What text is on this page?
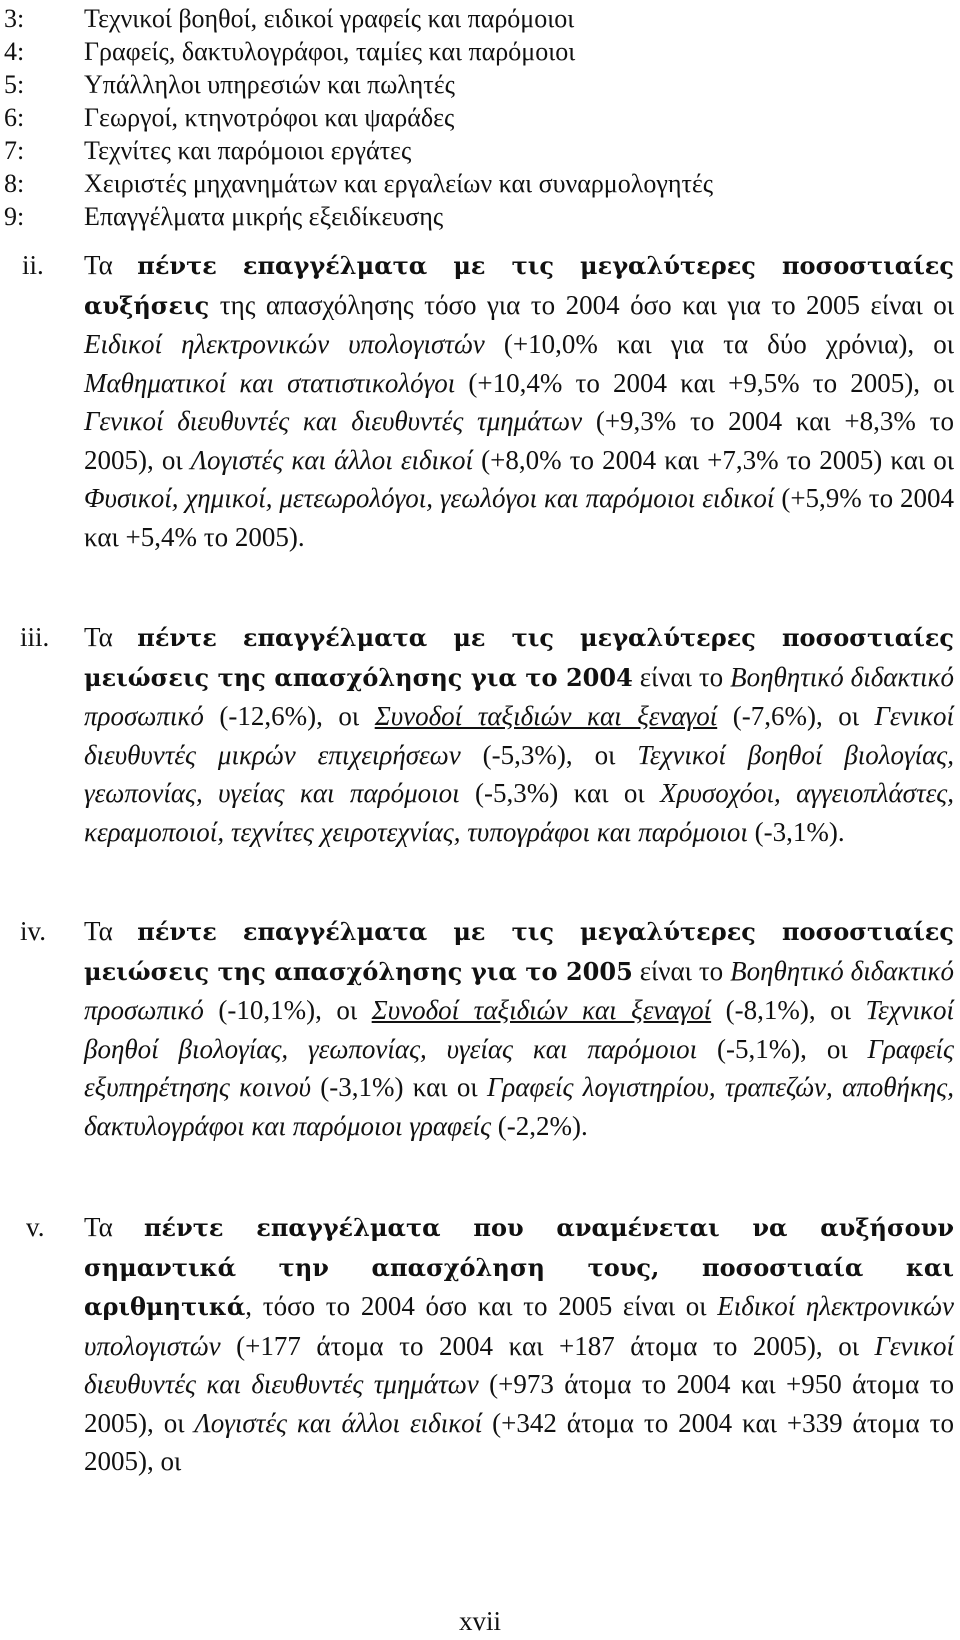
3:	Τεχνικοί βοηθοί, ειδικοί γραφείς και παρόμοιοι
4:	Γραφείς, δακτυλογράφοι, ταμίες και παρόμοιοι
5:	Υπάλληλοι υπηρεσιών και πωλητές
6:	Γεωργοί, κτηνοτρόφοι και ψαράδες
7:	Τεχνίτες και παρόμοιοι εργάτες
8:	Χειριστές μηχανημάτων και εργαλείων και συναρμολογητές
9:	Επαγγέλματα μικρής εξειδίκευσης
ii. Τα πέντε επαγγέλματα με τις μεγαλύτερες ποσοστιαίες αυξήσεις της απασχόλησης τόσο για το 2004 όσο και για το 2005 είναι οι Ειδικοί ηλεκτρονικών υπολογιστών (+10,0% και για τα δύο χρόνια), οι Μαθηματικοί και στατιστικολόγοι (+10,4% το 2004 και +9,5% το 2005), οι Γενικοί διευθυντές και διευθυντές τμημάτων (+9,3% το 2004 και +8,3% το 2005), οι Λογιστές και άλλοι ειδικοί (+8,0% το 2004 και +7,3% το 2005) και οι Φυσικοί, χημικοί, μετεωρολόγοι, γεωλόγοι και παρόμοιοι ειδικοί (+5,9% το 2004 και +5,4% το 2005).
iii. Τα πέντε επαγγέλματα με τις μεγαλύτερες ποσοστιαίες μειώσεις της απασχόλησης για το 2004 είναι το Βοηθητικό διδακτικό προσωπικό (-12,6%), οι Συνοδοί ταξιδιών και ξεναγοί (-7,6%), οι Γενικοί διευθυντές μικρών επιχειρήσεων (-5,3%), οι Τεχνικοί βοηθοί βιολογίας, γεωπονίας, υγείας και παρόμοιοι (-5,3%) και οι Χρυσοχόοι, αγγειοπλάστες, κεραμοποιοί, τεχνίτες χειροτεχνίας, τυπογράφοι και παρόμοιοι (-3,1%).
iv. Τα πέντε επαγγέλματα με τις μεγαλύτερες ποσοστιαίες μειώσεις της απασχόλησης για το 2005 είναι το Βοηθητικό διδακτικό προσωπικό (-10,1%), οι Συνοδοί ταξιδιών και ξεναγοί (-8,1%), οι Τεχνικοί βοηθοί βιολογίας, γεωπονίας, υγείας και παρόμοιοι (-5,1%), οι Γραφείς εξυπηρέτησης κοινού (-3,1%) και οι Γραφείς λογιστηρίου, τραπεζών, αποθήκης, δακτυλογράφοι και παρόμοιοι γραφείς (-2,2%).
v. Τα πέντε επαγγέλματα που αναμένεται να αυξήσουν σημαντικά την απασχόληση τους, ποσοστιαία και αριθμητικά, τόσο το 2004 όσο και το 2005 είναι οι Ειδικοί ηλεκτρονικών υπολογιστών (+177 άτομα το 2004 και +187 άτομα το 2005), οι Γενικοί διευθυντές και διευθυντές τμημάτων (+973 άτομα το 2004 και +950 άτομα το 2005), οι Λογιστές και άλλοι ειδικοί (+342 άτομα το 2004 και +339 άτομα το 2005), οι
xvii
